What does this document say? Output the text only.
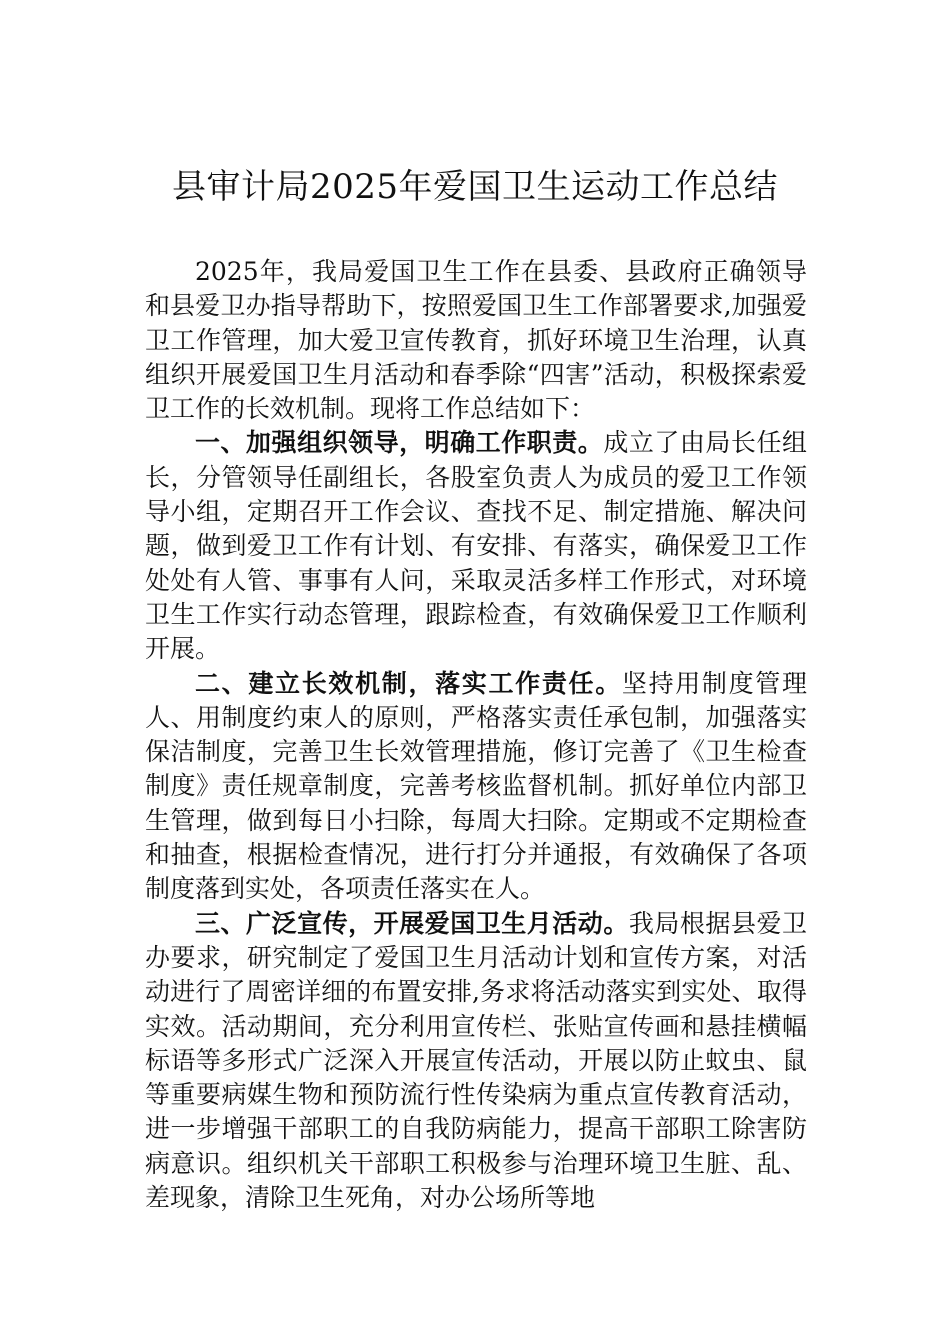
县审计局2025年爱国卫生运动工作总结

2025年，我局爱国卫生工作在县委、县政府正确领导和县爱卫办指导帮助下，按照爱国卫生工作部署要求,加强爱卫工作管理，加大爱卫宣传教育，抓好环境卫生治理，认真组织开展爱国卫生月活动和春季除“四害”活动，积极探索爱卫工作的长效机制。现将工作总结如下：

一、加强组织领导，明确工作职责。成立了由局长任组长，分管领导任副组长，各股室负责人为成员的爱卫工作领导小组，定期召开工作会议、查找不足、制定措施、解决问题，做到爱卫工作有计划、有安排、有落实，确保爱卫工作处处有人管、事事有人问，采取灵活多样工作形式，对环境卫生工作实行动态管理，跟踪检查，有效确保爱卫工作顺利开展。

二、建立长效机制，落实工作责任。坚持用制度管理人、用制度约束人的原则，严格落实责任承包制，加强落实保洁制度，完善卫生长效管理措施，修订完善了《卫生检查制度》责任规章制度，完善考核监督机制。抓好单位内部卫生管理，做到每日小扫除，每周大扫除。定期或不定期检查和抽查，根据检查情况，进行打分并通报，有效确保了各项制度落到实处，各项责任落实在人。

三、广泛宣传，开展爱国卫生月活动。我局根据县爱卫办要求，研究制定了爱国卫生月活动计划和宣传方案，对活动进行了周密详细的布置安排,务求将活动落实到实处、取得实效。活动期间，充分利用宣传栏、张贴宣传画和悬挂横幅标语等多形式广泛深入开展宣传活动，开展以防止蚊虫、鼠等重要病媒生物和预防流行性传染病为重点宣传教育活动，进一步增强干部职工的自我防病能力，提高干部职工除害防病意识。组织机关干部职工积极参与治理环境卫生脏、乱、差现象，清除卫生死角，对办公场所等地
